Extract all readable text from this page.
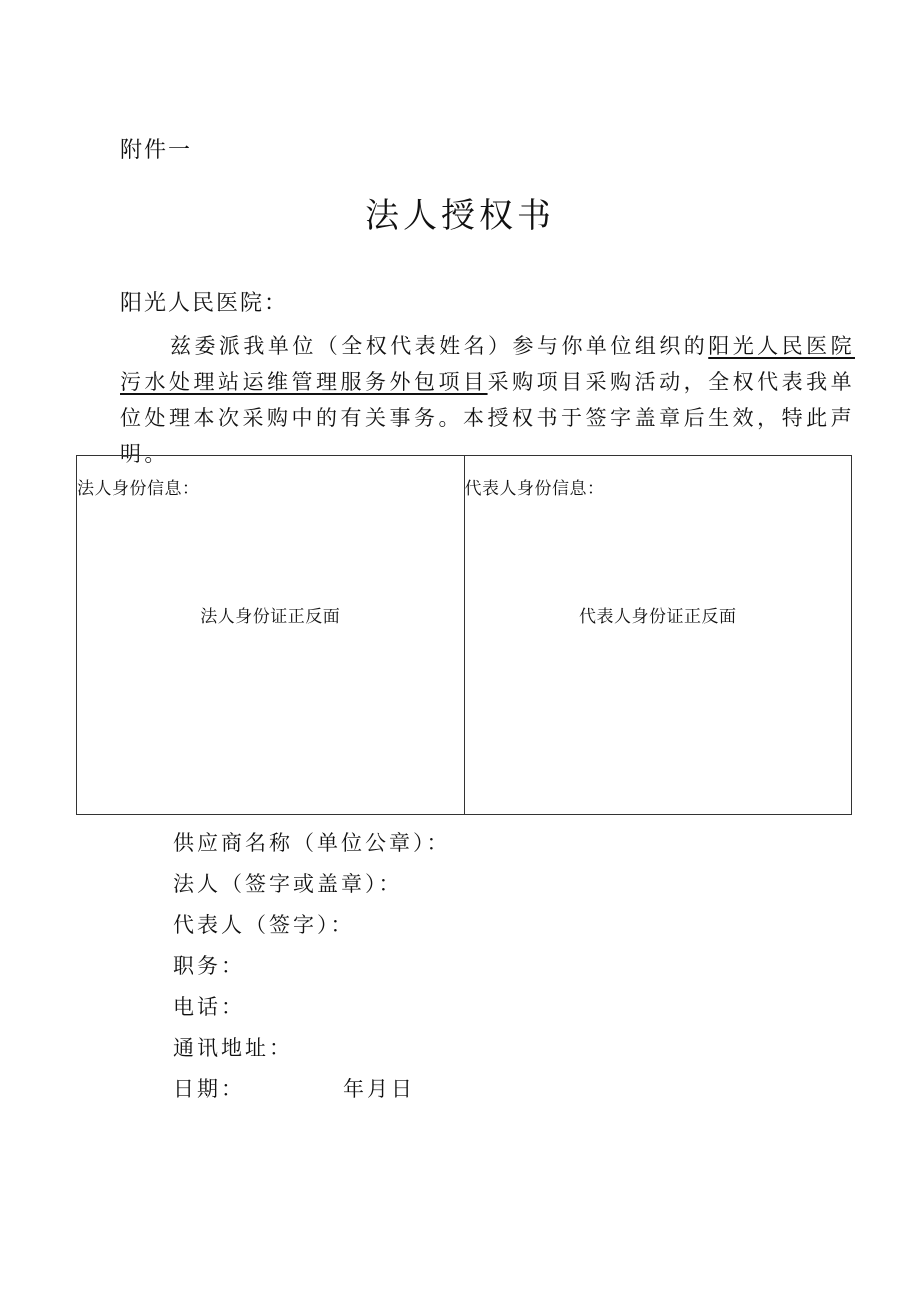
附件一
法人授权书
阳光人民医院：
兹委派我单位（全权代表姓名）参与你单位组织的阳光人民医院污水处理站运维管理服务外包项目采购项目采购活动，全权代表我单位处理本次采购中的有关事务。本授权书于签字盖章后生效，特此声明。
法人身份信息：
法人身份证正反面
代表人身份信息：
代表人身份证正反面
供应商名称（单位公章）：
法人（签字或盖章）：
代表人（签字）：
职务：
电话：
通讯地址：
日期：	年月日
